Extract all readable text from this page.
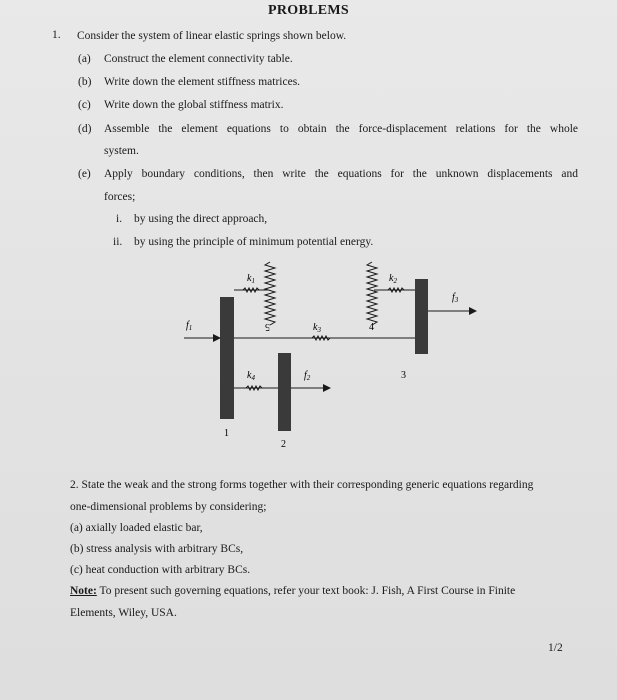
PROBLEMS
1. Consider the system of linear elastic springs shown below.
(a) Construct the element connectivity table.
(b) Write down the element stiffness matrices.
(c) Write down the global stiffness matrix.
(d) Assemble the element equations to obtain the force-displacement relations for the whole
system.
(e) Apply boundary conditions, then write the equations for the unknown displacements and
forces;
i. by using the direct approach,
ii. by using the principle of minimum potential energy.
$k_1$	$k_2$
$k_3$
$k_4$
$f_1$
$f_2$
$f_3$
1
2
3
4
5
2. State the weak and the strong forms together with their corresponding generic equations regarding
one-dimensional problems by considering;
(a) axially loaded elastic bar,
(b) stress analysis with arbitrary BCs,
(c) heat conduction with arbitrary BCs.
Note: To present such governing equations, refer your text book: J. Fish, A First Course in Finite
Elements, Wiley, USA.
1/2
